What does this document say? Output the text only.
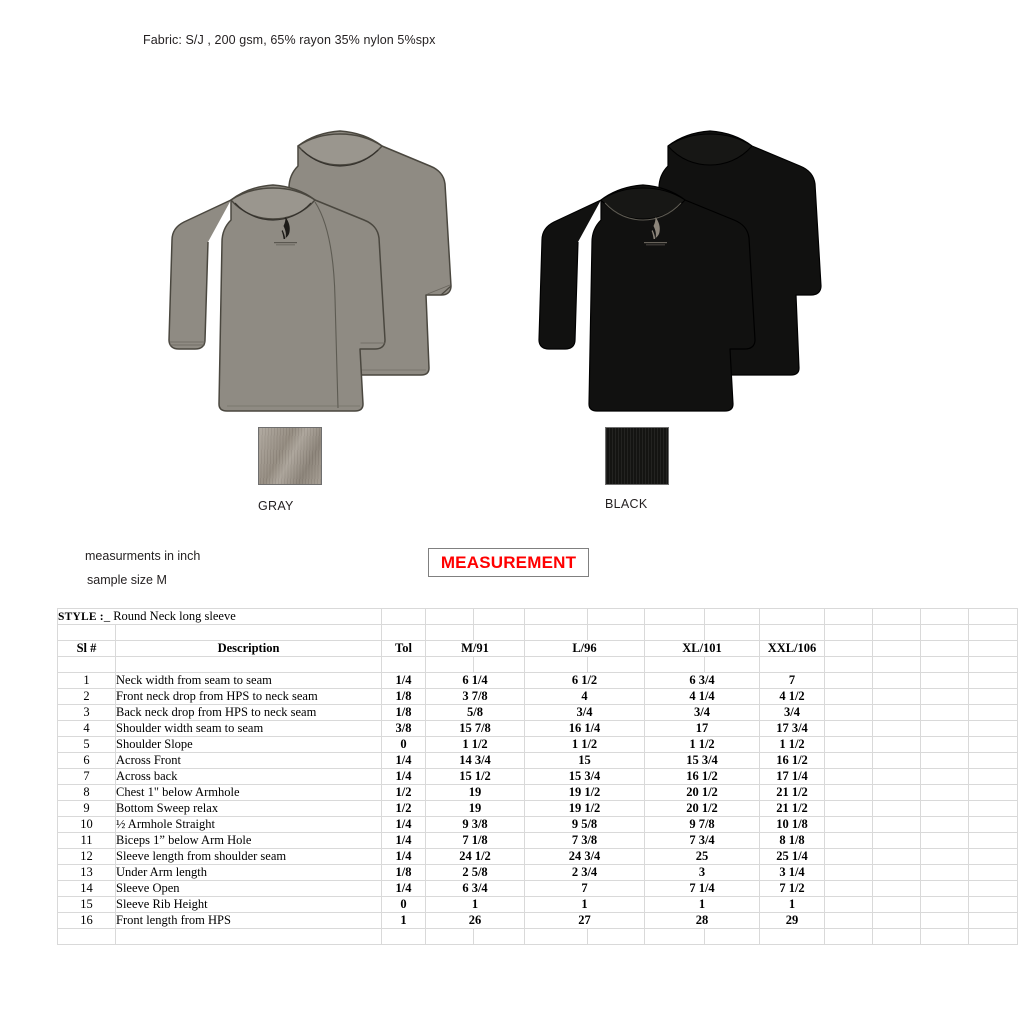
Fabric: S/J , 200 gsm, 65% rayon 35% nylon 5%spx
GRAY	BLACK
measurments in inch
sample size M
MEASUREMENT
STYLE :_ Round Neck long sleeve													

Sl #	Description	Tol	M/91		L/96		XL/101		XXL/106				

1	Neck width from seam to seam	1/4	6 1/4		6 1/2		6 3/4		7				
2	Front neck drop from HPS to neck seam	1/8	3 7/8		4		4 1/4		4 1/2				
3	Back neck drop from HPS to neck seam	1/8	5/8		3/4		3/4		3/4				
4	Shoulder width seam to seam	3/8	15 7/8		16 1/4		17		17 3/4				
5	Shoulder Slope	0	1 1/2		1 1/2		1 1/2		1 1/2				
6	Across Front	1/4	14 3/4		15		15 3/4		16 1/2				
7	Across back	1/4	15 1/2		15 3/4		16 1/2		17 1/4				
8	Chest 1" below Armhole	1/2	19		19 1/2		20 1/2		21 1/2				
9	Bottom Sweep relax	1/2	19		19 1/2		20 1/2		21 1/2				
10	½ Armhole Straight	1/4	9 3/8		9 5/8		9 7/8		10 1/8				
11	Biceps 1” below Arm Hole	1/4	7 1/8		7 3/8		7 3/4		8 1/8				
12	Sleeve length from shoulder seam	1/4	24 1/2		24 3/4		25		25 1/4				
13	Under Arm length	1/8	2 5/8		2 3/4		3		3 1/4				
14	Sleeve Open	1/4	6 3/4		7		7 1/4		7 1/2				
15	Sleeve Rib Height	0	1		1		1		1				
16	Front length from HPS	1	26		27		28		29				
